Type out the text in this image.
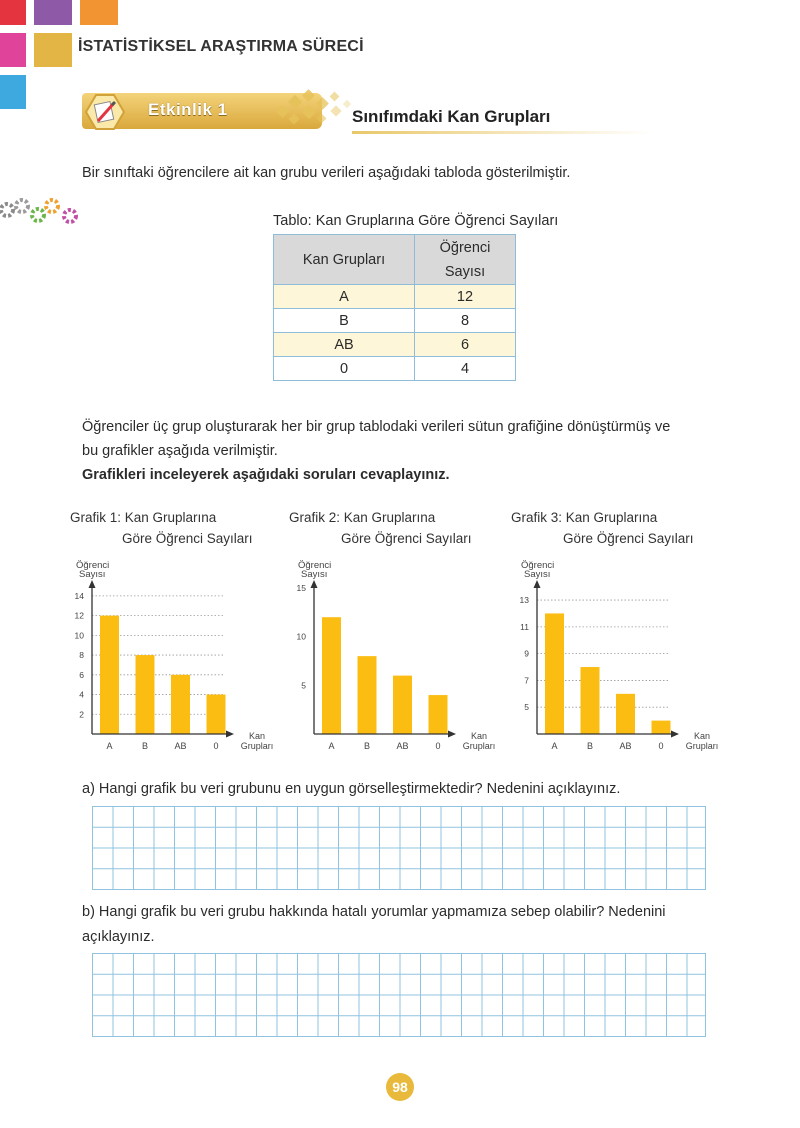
İSTATİSTİKSEL ARAŞTIRMA SÜRECİ
Etkinlik 1	Sınıfımdaki Kan Grupları
Bir sınıftaki öğrencilere ait kan grubu verileri aşağıdaki tabloda gösterilmiştir.
Tablo: Kan Gruplarına Göre Öğrenci Sayıları
Kan Grupları	Öğrenci
Sayısı
A	12
B	8
AB	6
0	4
Öğrenciler üç grup oluşturarak her bir grup tablodaki verileri sütun grafiğine dönüştürmüş ve
bu grafikler aşağıda verilmiştir.
Grafikleri inceleyerek aşağıdaki soruları cevaplayınız.
Grafik 1: Kan Gruplarına
Göre Öğrenci Sayıları
Grafik 2: Kan Gruplarına
Göre Öğrenci Sayıları
Grafik 3: Kan Gruplarına
Göre Öğrenci Sayıları
Öğrenci
Sayısı
2
4
6
8
10
12
14
A	B	AB	0
Kan
Grupları
Öğrenci
Sayısı
5
10
15
A	B	AB	0
Kan
Grupları
Öğrenci
Sayısı
5
7
9
11
13
A	B	AB	0
Kan
Grupları
a) Hangi grafik bu veri grubunu en uygun görselleştirmektedir? Nedenini açıklayınız.
b) Hangi grafik bu veri grubu hakkında hatalı yorumlar yapmamıza sebep olabilir? Nedenini
açıklayınız.
98
